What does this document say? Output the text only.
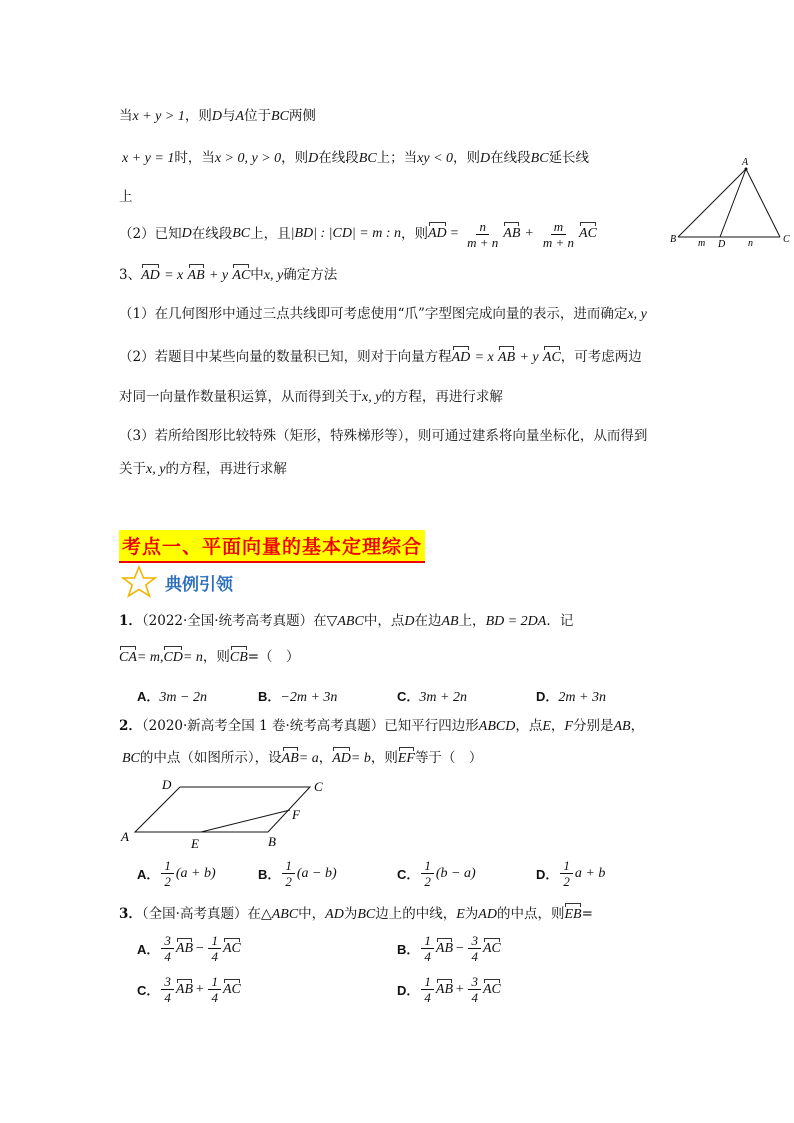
当x + y > 1，则D与A位于BC两侧
x + y = 1时，当x > 0, y > 0，则D在线段BC上；当xy < 0，则D在线段BC延长线
上
（2）已知 D 在线段 BC 上，且 |BD| : |CD| = m : n ，则 AD = $\frac{n}{m + n}$ AB + $\frac{m}{m + n}$ AC
A
B	C
D
m	n
3、AD = x AB + y AC中x, y确定方法
（1）在几何图形中通过三点共线即可考虑使用“爪”字型图完成向量的表示，进而确定x, y
（2）若题目中某些向量的数量积已知，则对于向量方程AD = x AB + y AC，可考虑两边
对同一向量作数量积运算，从而得到关于x, y的方程，再进行求解
（3）若所给图形比较特殊（矩形，特殊梯形等），则可通过建系将向量坐标化，从而得到
关于x, y的方程，再进行求解
考点一、平面向量的基本定理综合
典例引领
1．（2022·全国·统考高考真题）在▽ABC中，点D在边AB上，BD = 2DA．记
CA= m,CD= n，则CB=（　）
A．3m − 2n	B．−2m + 3n	C．3m + 2n	D．2m + 3n
2．（2020·新高考全国 1 卷·统考高考真题）已知平行四边形ABCD，点E，F分别是AB，
BC的中点（如图所示），设AB= a，AD= b，则EF等于（　）
A	B
C
D
E
F
A． $\frac{1}{2} (a + b)$	B． $\frac{1}{2} (a - b)$	C． $\frac{1}{2} (b - a)$	D． $\frac{1}{2}$ a + b
3．（全国·高考真题）在△ABC中，AD为BC边上的中线，E为AD的中点，则EB=
A． $\frac{3}{4}$ AB − $\frac{1}{4}$ AC	B． $\frac{1}{4}$ AB − $\frac{3}{4}$ AC
C． $\frac{3}{4}$ AB + $\frac{1}{4}$ AC	D． $\frac{1}{4}$ AB + $\frac{3}{4}$ AC
